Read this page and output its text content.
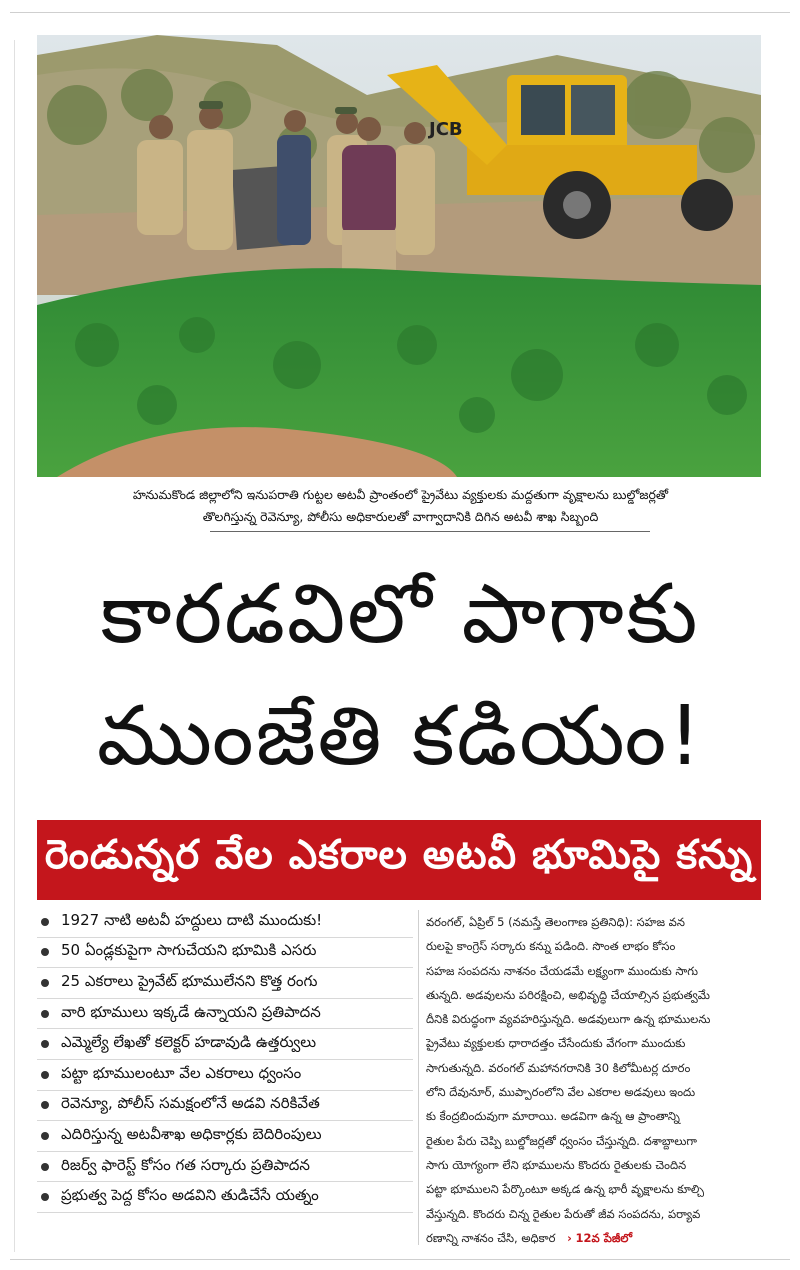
JCB
హనుమకొండ జిల్లాలోని ఇనుపరాతి గుట్టల అటవీ ప్రాంతంలో ప్రైవేటు వ్యక్తులకు మద్దతుగా వృక్షాలను బుల్డోజర్లతో
తొలగిస్తున్న రెవెన్యూ, పోలీసు అధికారులతో వాగ్వాదానికి దిగిన అటవీ శాఖ సిబ్బంది
కారడవిలో పాగాకు
ముంజేతి కడియం!
రెండున్నర వేల ఎకరాల అటవీ భూమిపై కన్ను
1927 నాటి అటవీ హద్దులు దాటి ముందుకు!
50 ఏండ్లకుపైగా సాగుచేయని భూమికి ఎసరు
25 ఎకరాలు ప్రైవేట్ భూములేనని కొత్త రంగు
వారి భూములు ఇక్కడే ఉన్నాయని ప్రతిపాదన
ఎమ్మెల్యే లేఖతో కలెక్టర్ హడావుడి ఉత్తర్వులు
పట్టా భూములంటూ వేల ఎకరాలు ధ్వంసం
రెవెన్యూ, పోలీస్ సమక్షంలోనే అడవి నరికివేత
ఎదిరిస్తున్న అటవీశాఖ అధికార్లకు బెదిరింపులు
రిజర్వ్ ఫారెస్ట్ కోసం గత సర్కారు ప్రతిపాదన
ప్రభుత్వ పెద్ద కోసం అడవిని తుడిచేసే యత్నం
వరంగల్, ఏప్రిల్ 5 (నమస్తే తెలంగాణ ప్రతినిధి): సహజ వన
రులపై కాంగ్రెస్ సర్కారు కన్ను పడింది. సొంత లాభం కోసం
సహజ సంపదను నాశనం చేయడమే లక్ష్యంగా ముందుకు సాగు
తున్నది. అడవులను పరిరక్షించి, అభివృద్ధి చేయాల్సిన ప్రభుత్వమే
దీనికి విరుద్ధంగా వ్యవహరిస్తున్నది. అడవులుగా ఉన్న భూములను
ప్రైవేటు వ్యక్తులకు ధారాదత్తం చేసేందుకు వేగంగా ముందుకు
సాగుతున్నది. వరంగల్ మహానగరానికి 30 కిలోమీటర్ల దూరం
లోని దేవునూర్, ముప్పారంలోని వేల ఎకరాల అడవులు ఇందు
కు కేంద్రబిందువుగా మారాయి. అడవిగా ఉన్న ఆ ప్రాంతాన్ని
రైతుల పేరు చెప్పి బుల్డోజర్లతో ధ్వంసం చేస్తున్నది. దశాబ్దాలుగా
సాగు యోగ్యంగా లేని భూములను కొందరు రైతులకు చెందిన
పట్టా భూములని పేర్కొంటూ అక్కడ ఉన్న భారీ వృక్షాలను కూల్చి
వేస్తున్నది. కొందరు చిన్న రైతుల పేరుతో జీవ సంపదను, పర్యావ
రణాన్ని నాశనం చేసి, అధికార › 12వ పేజీలో
